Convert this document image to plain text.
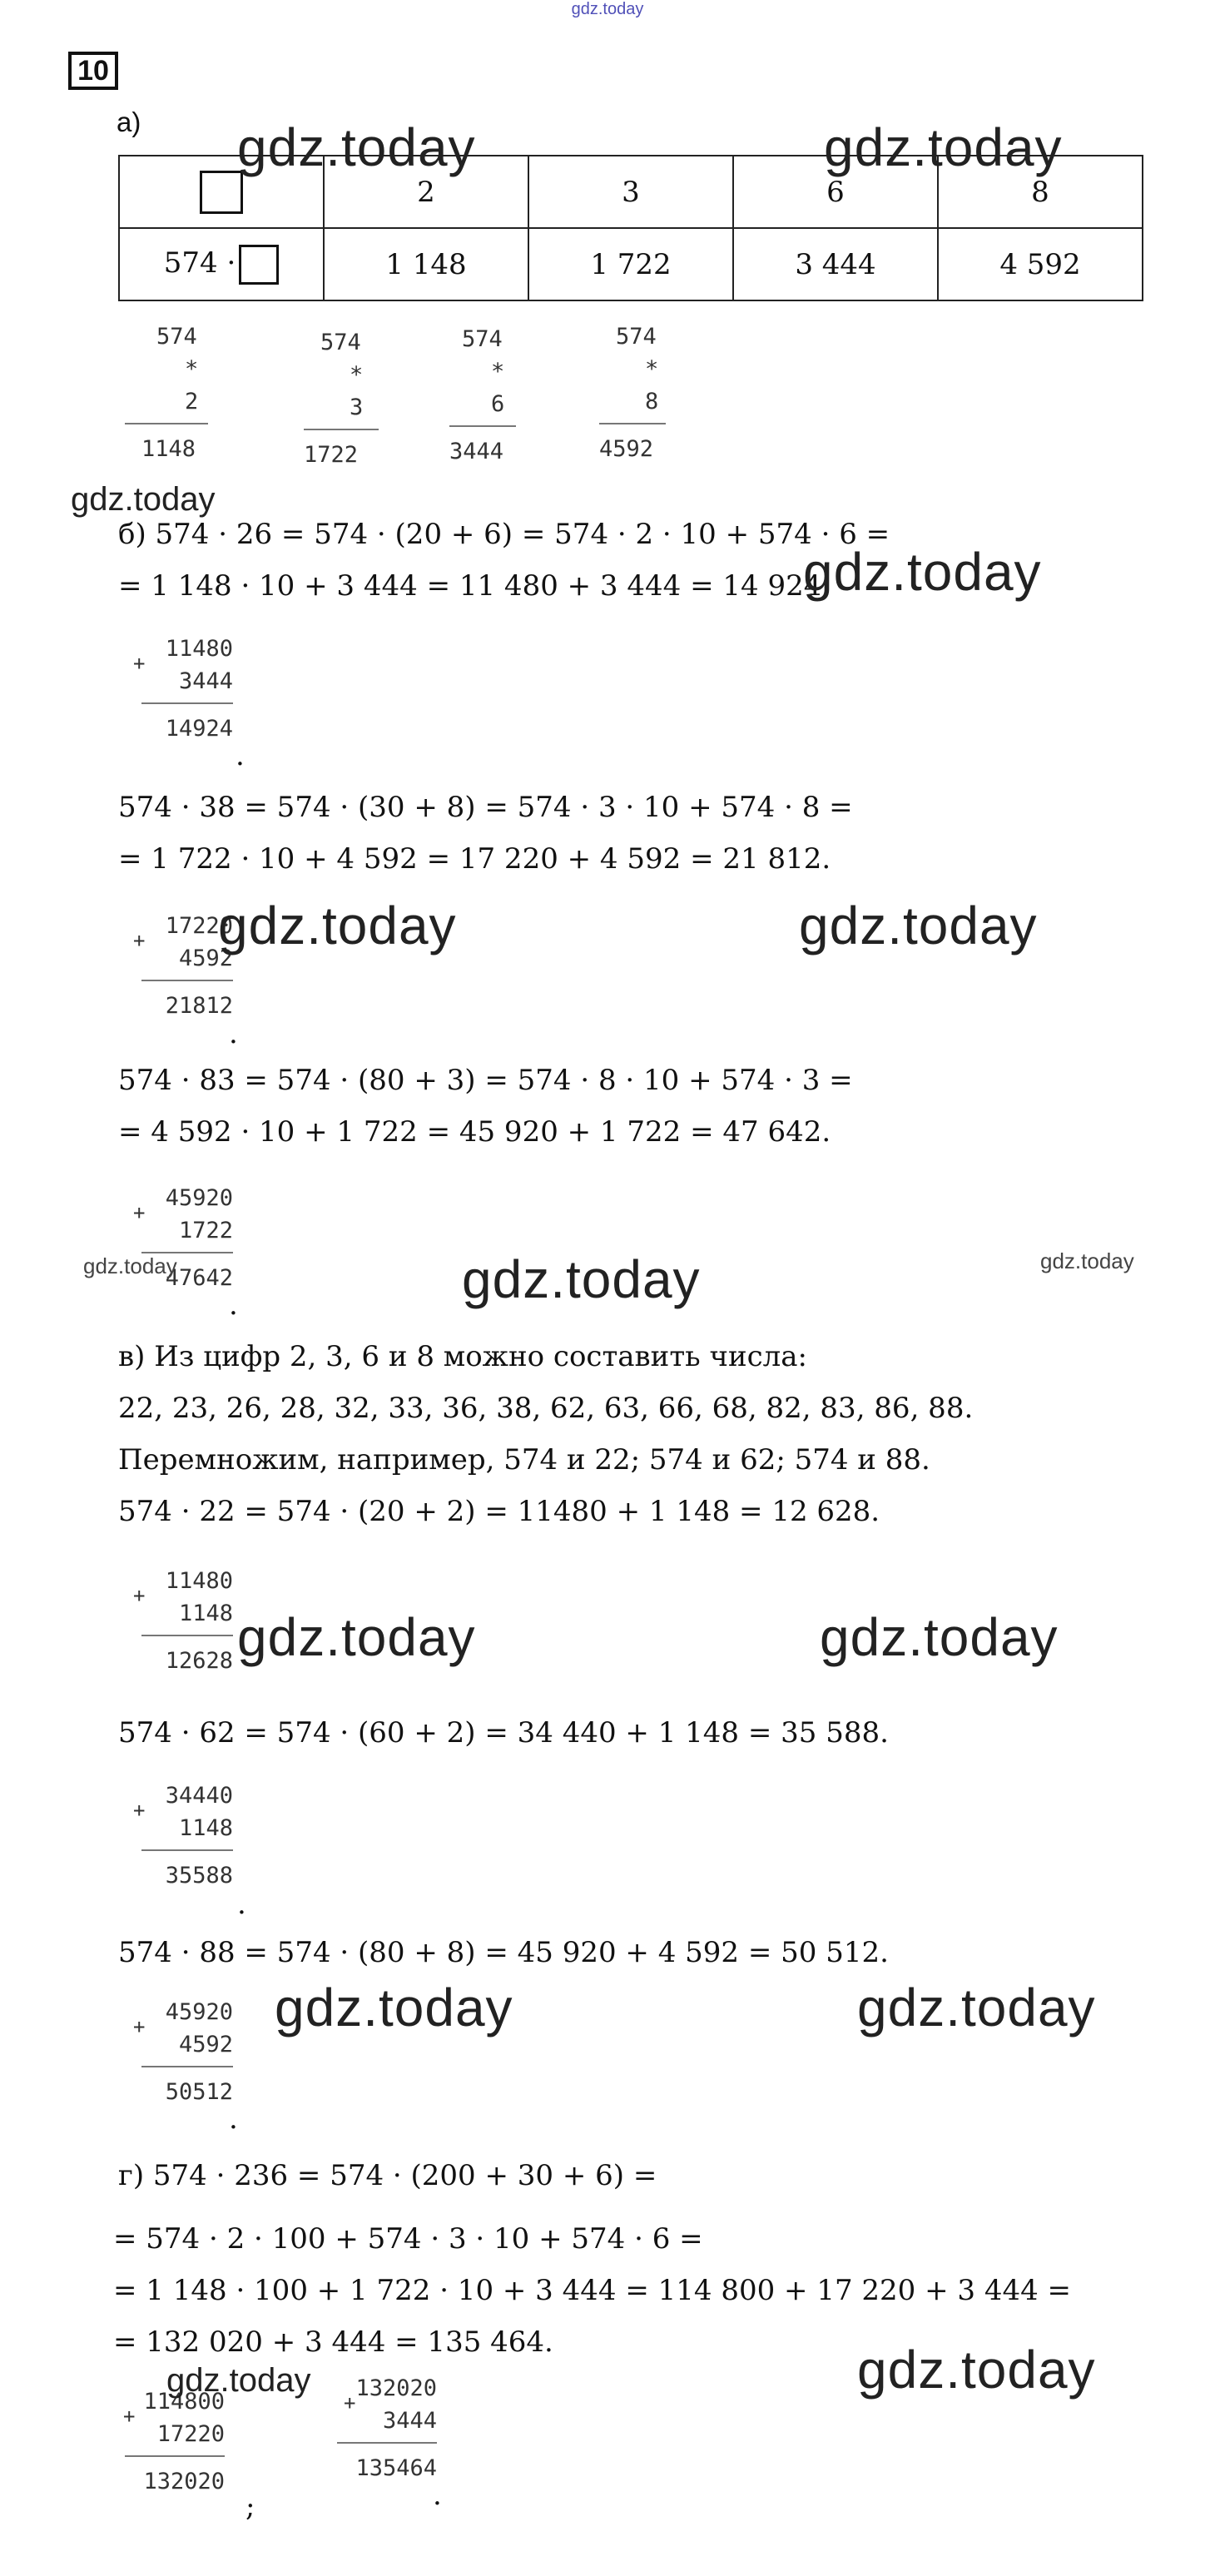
gdz.today
10
а)
	2	3	6	8
574 ·	1 148	1 722	3 444	4 592
574
*
2
1148
574
*
3
1722
574
*
6
3444
574
*
8
4592
б) 574 · 26 = 574 · (20 + 6) = 574 · 2 · 10 + 574 · 6 =
= 1 148 · 10 + 3 444 = 11 480 + 3 444 = 14 924.
11480
3444
14924
+
.
574 · 38 = 574 · (30 + 8) = 574 · 3 · 10 + 574 · 8 =
= 1 722 · 10 + 4 592 = 17 220 + 4 592 = 21 812.
17220
4592
21812
+
.
574 · 83 = 574 · (80 + 3) = 574 · 8 · 10 + 574 · 3 =
= 4 592 · 10 + 1 722 = 45 920 + 1 722 = 47 642.
45920
1722
47642
+
.
в) Из цифр 2, 3, 6 и 8 можно составить числа:
22, 23, 26, 28, 32, 33, 36, 38, 62, 63, 66, 68, 82, 83, 86, 88.
Перемножим, например, 574 и 22; 574 и 62; 574 и 88.
574 · 22 = 574 · (20 + 2) = 11480 + 1 148 = 12 628.
11480
1148
12628
+
574 · 62 = 574 · (60 + 2) = 34 440 + 1 148 = 35 588.
34440
1148
35588
+
.
574 · 88 = 574 · (80 + 8) = 45 920 + 4 592 = 50 512.
45920
4592
50512
+
.
г) 574 · 236 = 574 · (200 + 30 + 6) =
= 574 · 2 · 100 + 574 · 3 · 10 + 574 · 6 =
= 1 148 · 100 + 1 722 · 10 + 3 444 = 114 800 + 17 220 + 3 444 =
= 132 020 + 3 444 = 135 464.
114800
17220
132020
+
;
132020
3444
135464
+
.
gdz.today	gdz.today
gdz.today
gdz.today
gdz.today	gdz.today
gdz.today	gdz.today	gdz.today
gdz.today	gdz.today
gdz.today	gdz.today
gdz.today
gdz.today
